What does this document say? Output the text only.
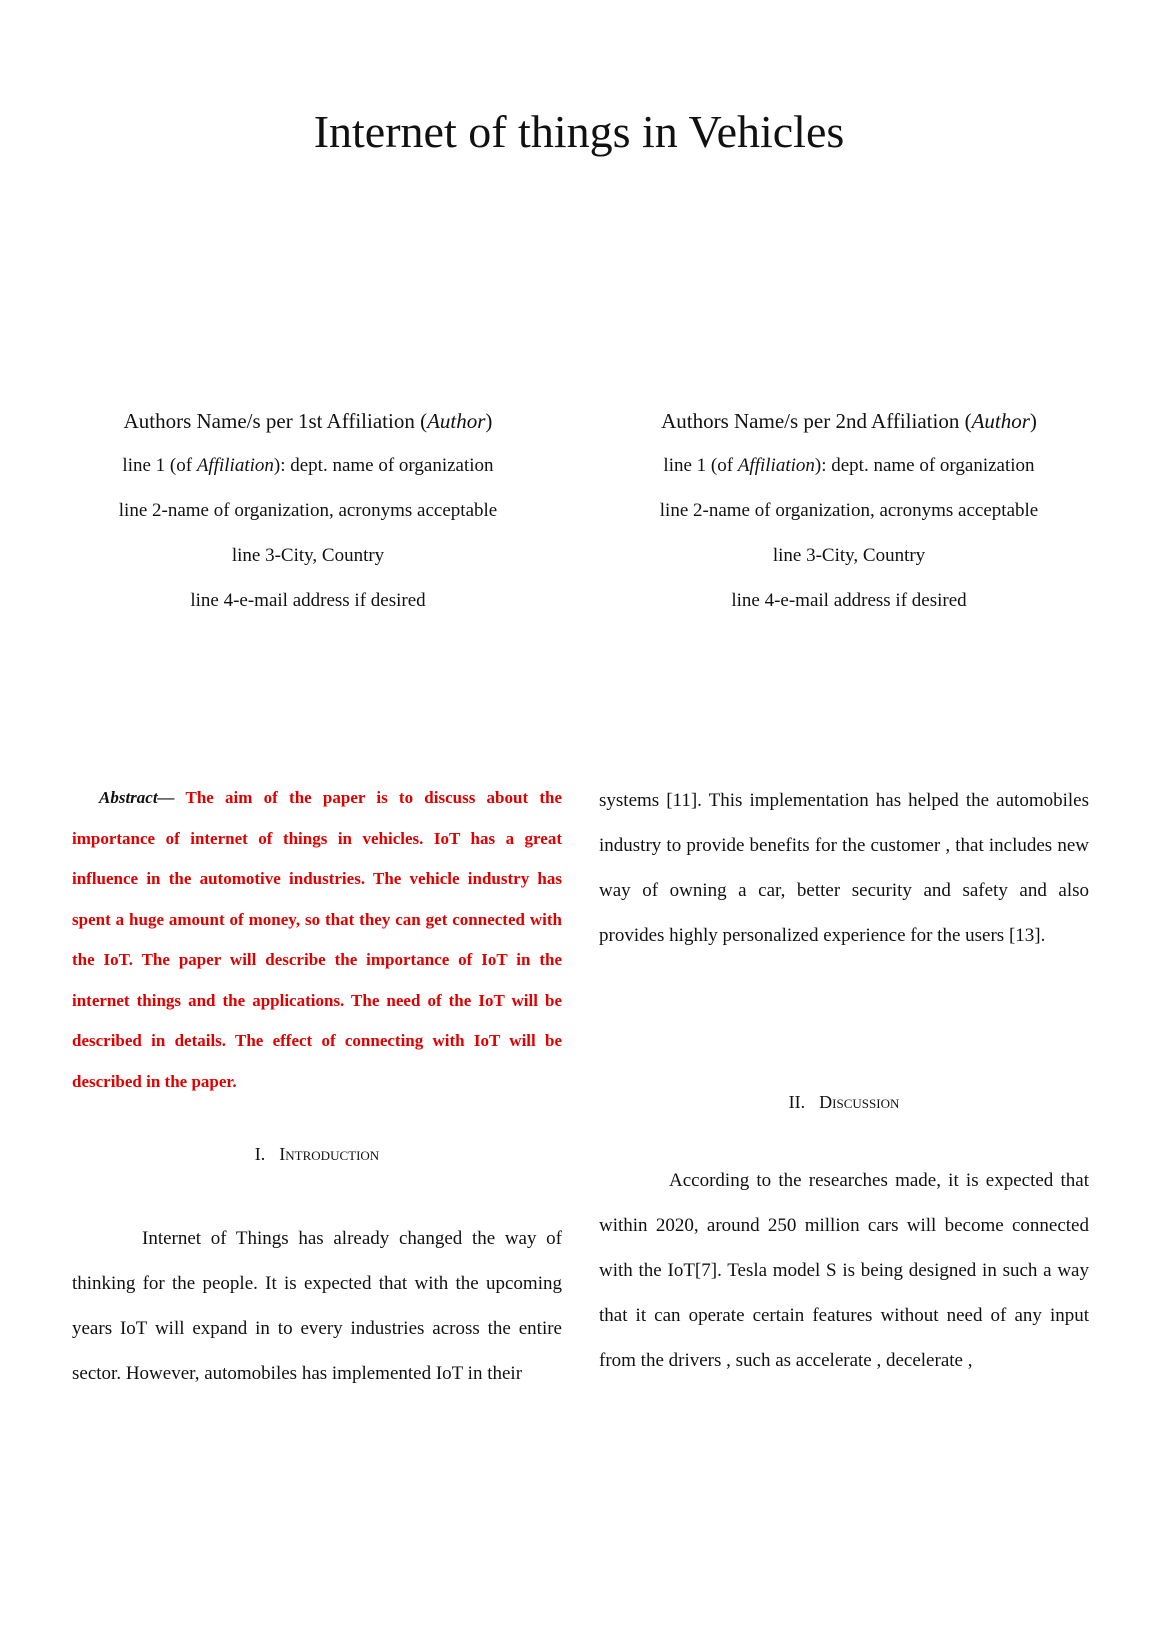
Internet of things in Vehicles
Authors Name/s per 1st Affiliation (Author)
line 1 (of Affiliation): dept. name of organization
line 2-name of organization, acronyms acceptable
line 3-City, Country
line 4-e-mail address if desired
Authors Name/s per 2nd Affiliation (Author)
line 1 (of Affiliation): dept. name of organization
line 2-name of organization, acronyms acceptable
line 3-City, Country
line 4-e-mail address if desired

Abstract— The aim of the paper is to discuss about the importance of internet of things in vehicles. IoT has a great influence in the automotive industries. The vehicle industry has spent a huge amount of money, so that they can get connected with the IoT. The paper will describe the importance of IoT in the internet things and the applications. The need of the IoT will be described in details. The effect of connecting with IoT will be described in the paper.

I. Introduction

Internet of Things has already changed the way of thinking for the people. It is expected that with the upcoming years IoT will expand in to every industries across the entire sector. However, automobiles has implemented IoT in their

systems [11]. This implementation has helped the automobiles industry to provide benefits for the customer , that includes new way of owning a car, better security and safety and also provides highly personalized experience for the users [13].

II. Discussion

According to the researches made, it is expected that within 2020, around 250 million cars will become connected with the IoT[7]. Tesla model S is being designed in such a way that it can operate certain features without need of any input from the drivers , such as accelerate , decelerate ,
